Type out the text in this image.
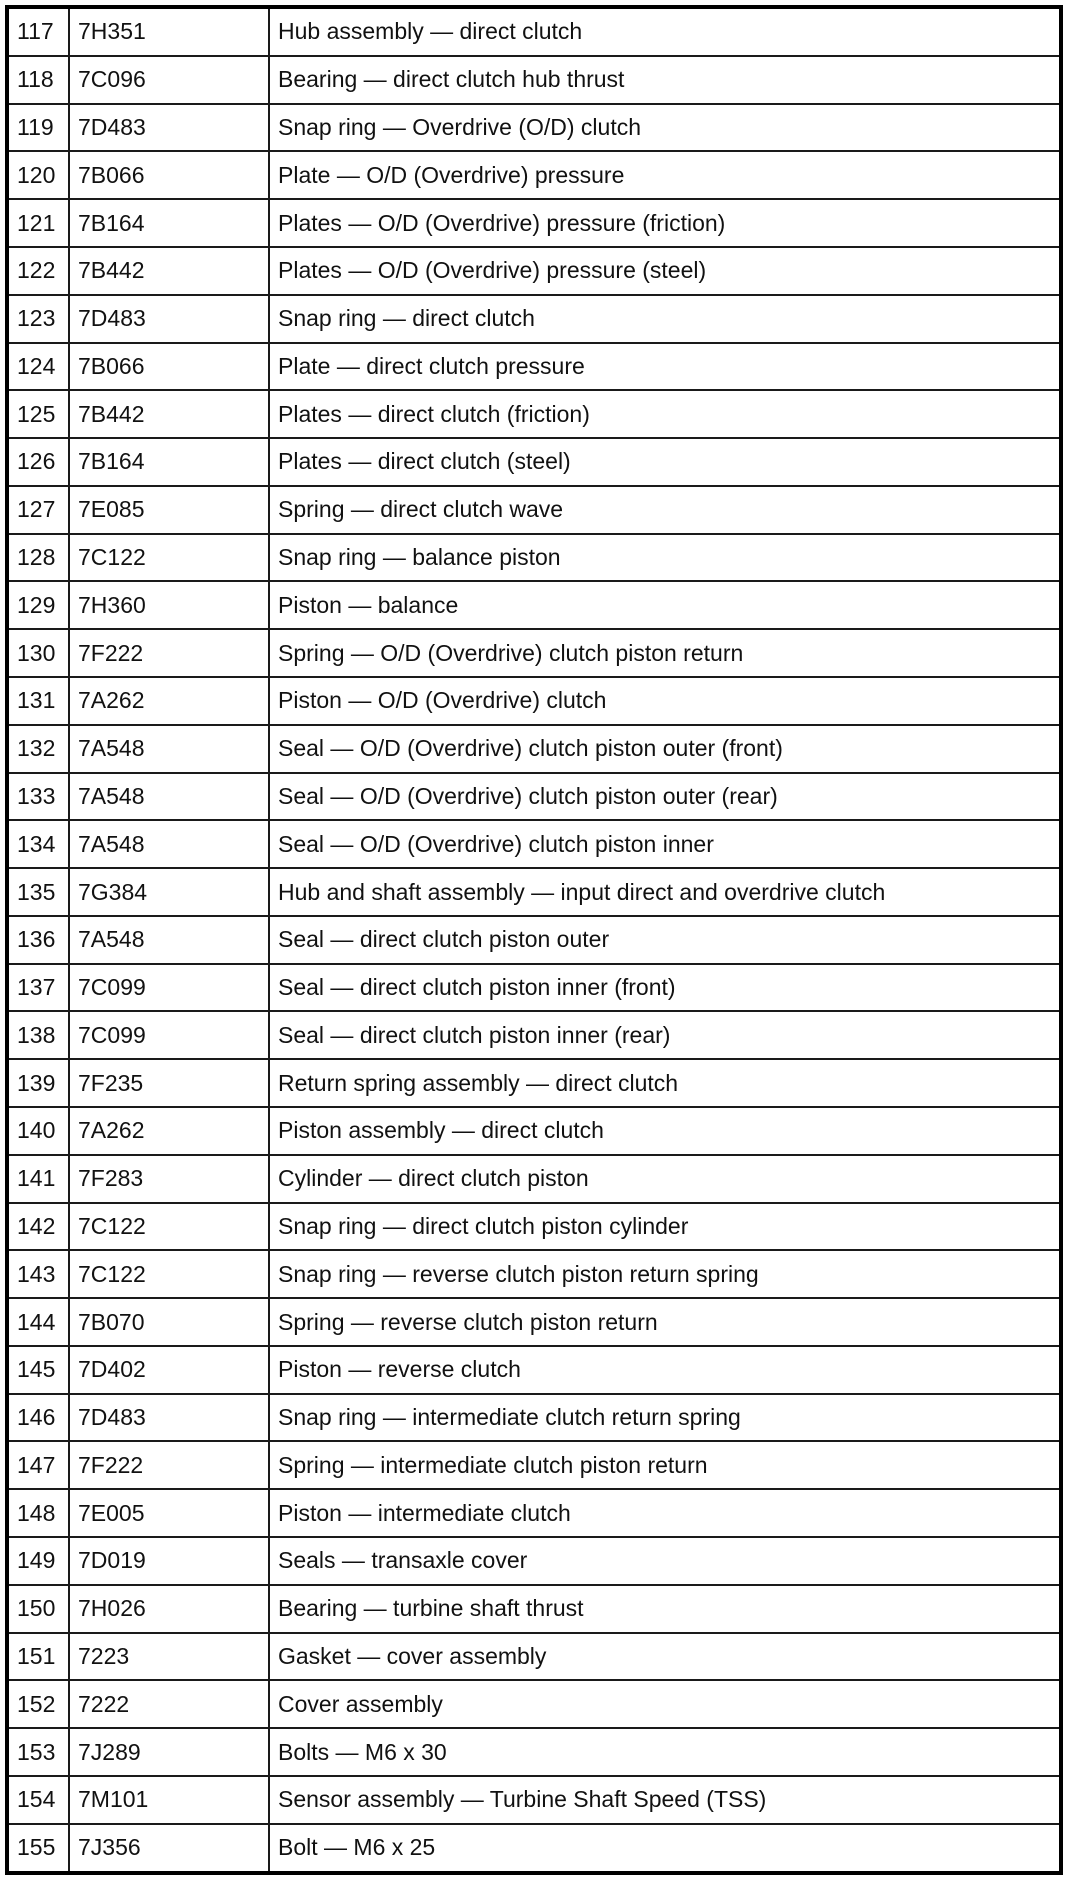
117	7H351	Hub assembly — direct clutch
118	7C096	Bearing — direct clutch hub thrust
119	7D483	Snap ring — Overdrive (O/D) clutch
120	7B066	Plate — O/D (Overdrive) pressure
121	7B164	Plates — O/D (Overdrive) pressure (friction)
122	7B442	Plates — O/D (Overdrive) pressure (steel)
123	7D483	Snap ring — direct clutch
124	7B066	Plate — direct clutch pressure
125	7B442	Plates — direct clutch (friction)
126	7B164	Plates — direct clutch (steel)
127	7E085	Spring — direct clutch wave
128	7C122	Snap ring — balance piston
129	7H360	Piston — balance
130	7F222	Spring — O/D (Overdrive) clutch piston return
131	7A262	Piston — O/D (Overdrive) clutch
132	7A548	Seal — O/D (Overdrive) clutch piston outer (front)
133	7A548	Seal — O/D (Overdrive) clutch piston outer (rear)
134	7A548	Seal — O/D (Overdrive) clutch piston inner
135	7G384	Hub and shaft assembly — input direct and overdrive clutch
136	7A548	Seal — direct clutch piston outer
137	7C099	Seal — direct clutch piston inner (front)
138	7C099	Seal — direct clutch piston inner (rear)
139	7F235	Return spring assembly — direct clutch
140	7A262	Piston assembly — direct clutch
141	7F283	Cylinder — direct clutch piston
142	7C122	Snap ring — direct clutch piston cylinder
143	7C122	Snap ring — reverse clutch piston return spring
144	7B070	Spring — reverse clutch piston return
145	7D402	Piston — reverse clutch
146	7D483	Snap ring — intermediate clutch return spring
147	7F222	Spring — intermediate clutch piston return
148	7E005	Piston — intermediate clutch
149	7D019	Seals — transaxle cover
150	7H026	Bearing — turbine shaft thrust
151	7223	Gasket — cover assembly
152	7222	Cover assembly
153	7J289	Bolts — M6 x 30
154	7M101	Sensor assembly — Turbine Shaft Speed (TSS)
155	7J356	Bolt — M6 x 25
